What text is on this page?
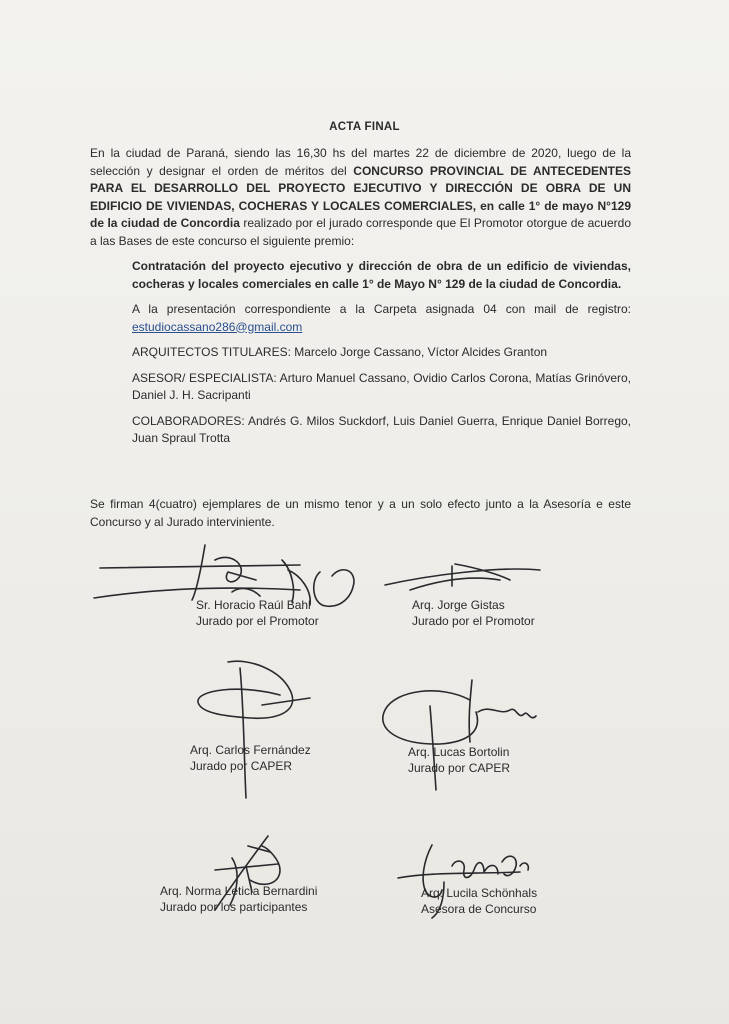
ACTA FINAL

En la ciudad de Paraná, siendo las 16,30 hs del martes 22 de diciembre de 2020, luego de la selección y designar el orden de méritos del CONCURSO PROVINCIAL DE ANTECEDENTES PARA EL DESARROLLO DEL PROYECTO EJECUTIVO Y DIRECCIÓN DE OBRA DE UN EDIFICIO DE VIVIENDAS, COCHERAS Y LOCALES COMERCIALES, en calle 1° de mayo N°129 de la ciudad de Concordia realizado por el jurado corresponde que El Promotor otorgue de acuerdo a las Bases de este concurso el siguiente premio:

Contratación del proyecto ejecutivo y dirección de obra de un edificio de viviendas, cocheras y locales comerciales en calle 1° de Mayo N° 129 de la ciudad de Concordia.

A la presentación correspondiente a la Carpeta asignada 04 con mail de registro: estudiocassano286@gmail.com

ARQUITECTOS TITULARES: Marcelo Jorge Cassano, Víctor Alcides Granton

ASESOR/ ESPECIALISTA: Arturo Manuel Cassano, Ovidio Carlos Corona, Matías Grinóvero, Daniel J. H. Sacripanti

COLABORADORES: Andrés G. Milos Suckdorf, Luis Daniel Guerra, Enrique Daniel Borrego, Juan Spraul Trotta

Se firman 4(cuatro) ejemplares de un mismo tenor y a un solo efecto junto a la Asesoría e este Concurso y al Jurado interviniente.
Sr. Horacio Raúl Bahl
Jurado por el Promotor
Arq. Jorge Gistas
Jurado por el Promotor
Arq. Carlos Fernández
Jurado por CAPER
Arq. Lucas Bortolin
Jurado por CAPER
Arq. Norma Leticia Bernardini
Jurado por los participantes
Arq. Lucila Schönhals
Asesora de Concurso
